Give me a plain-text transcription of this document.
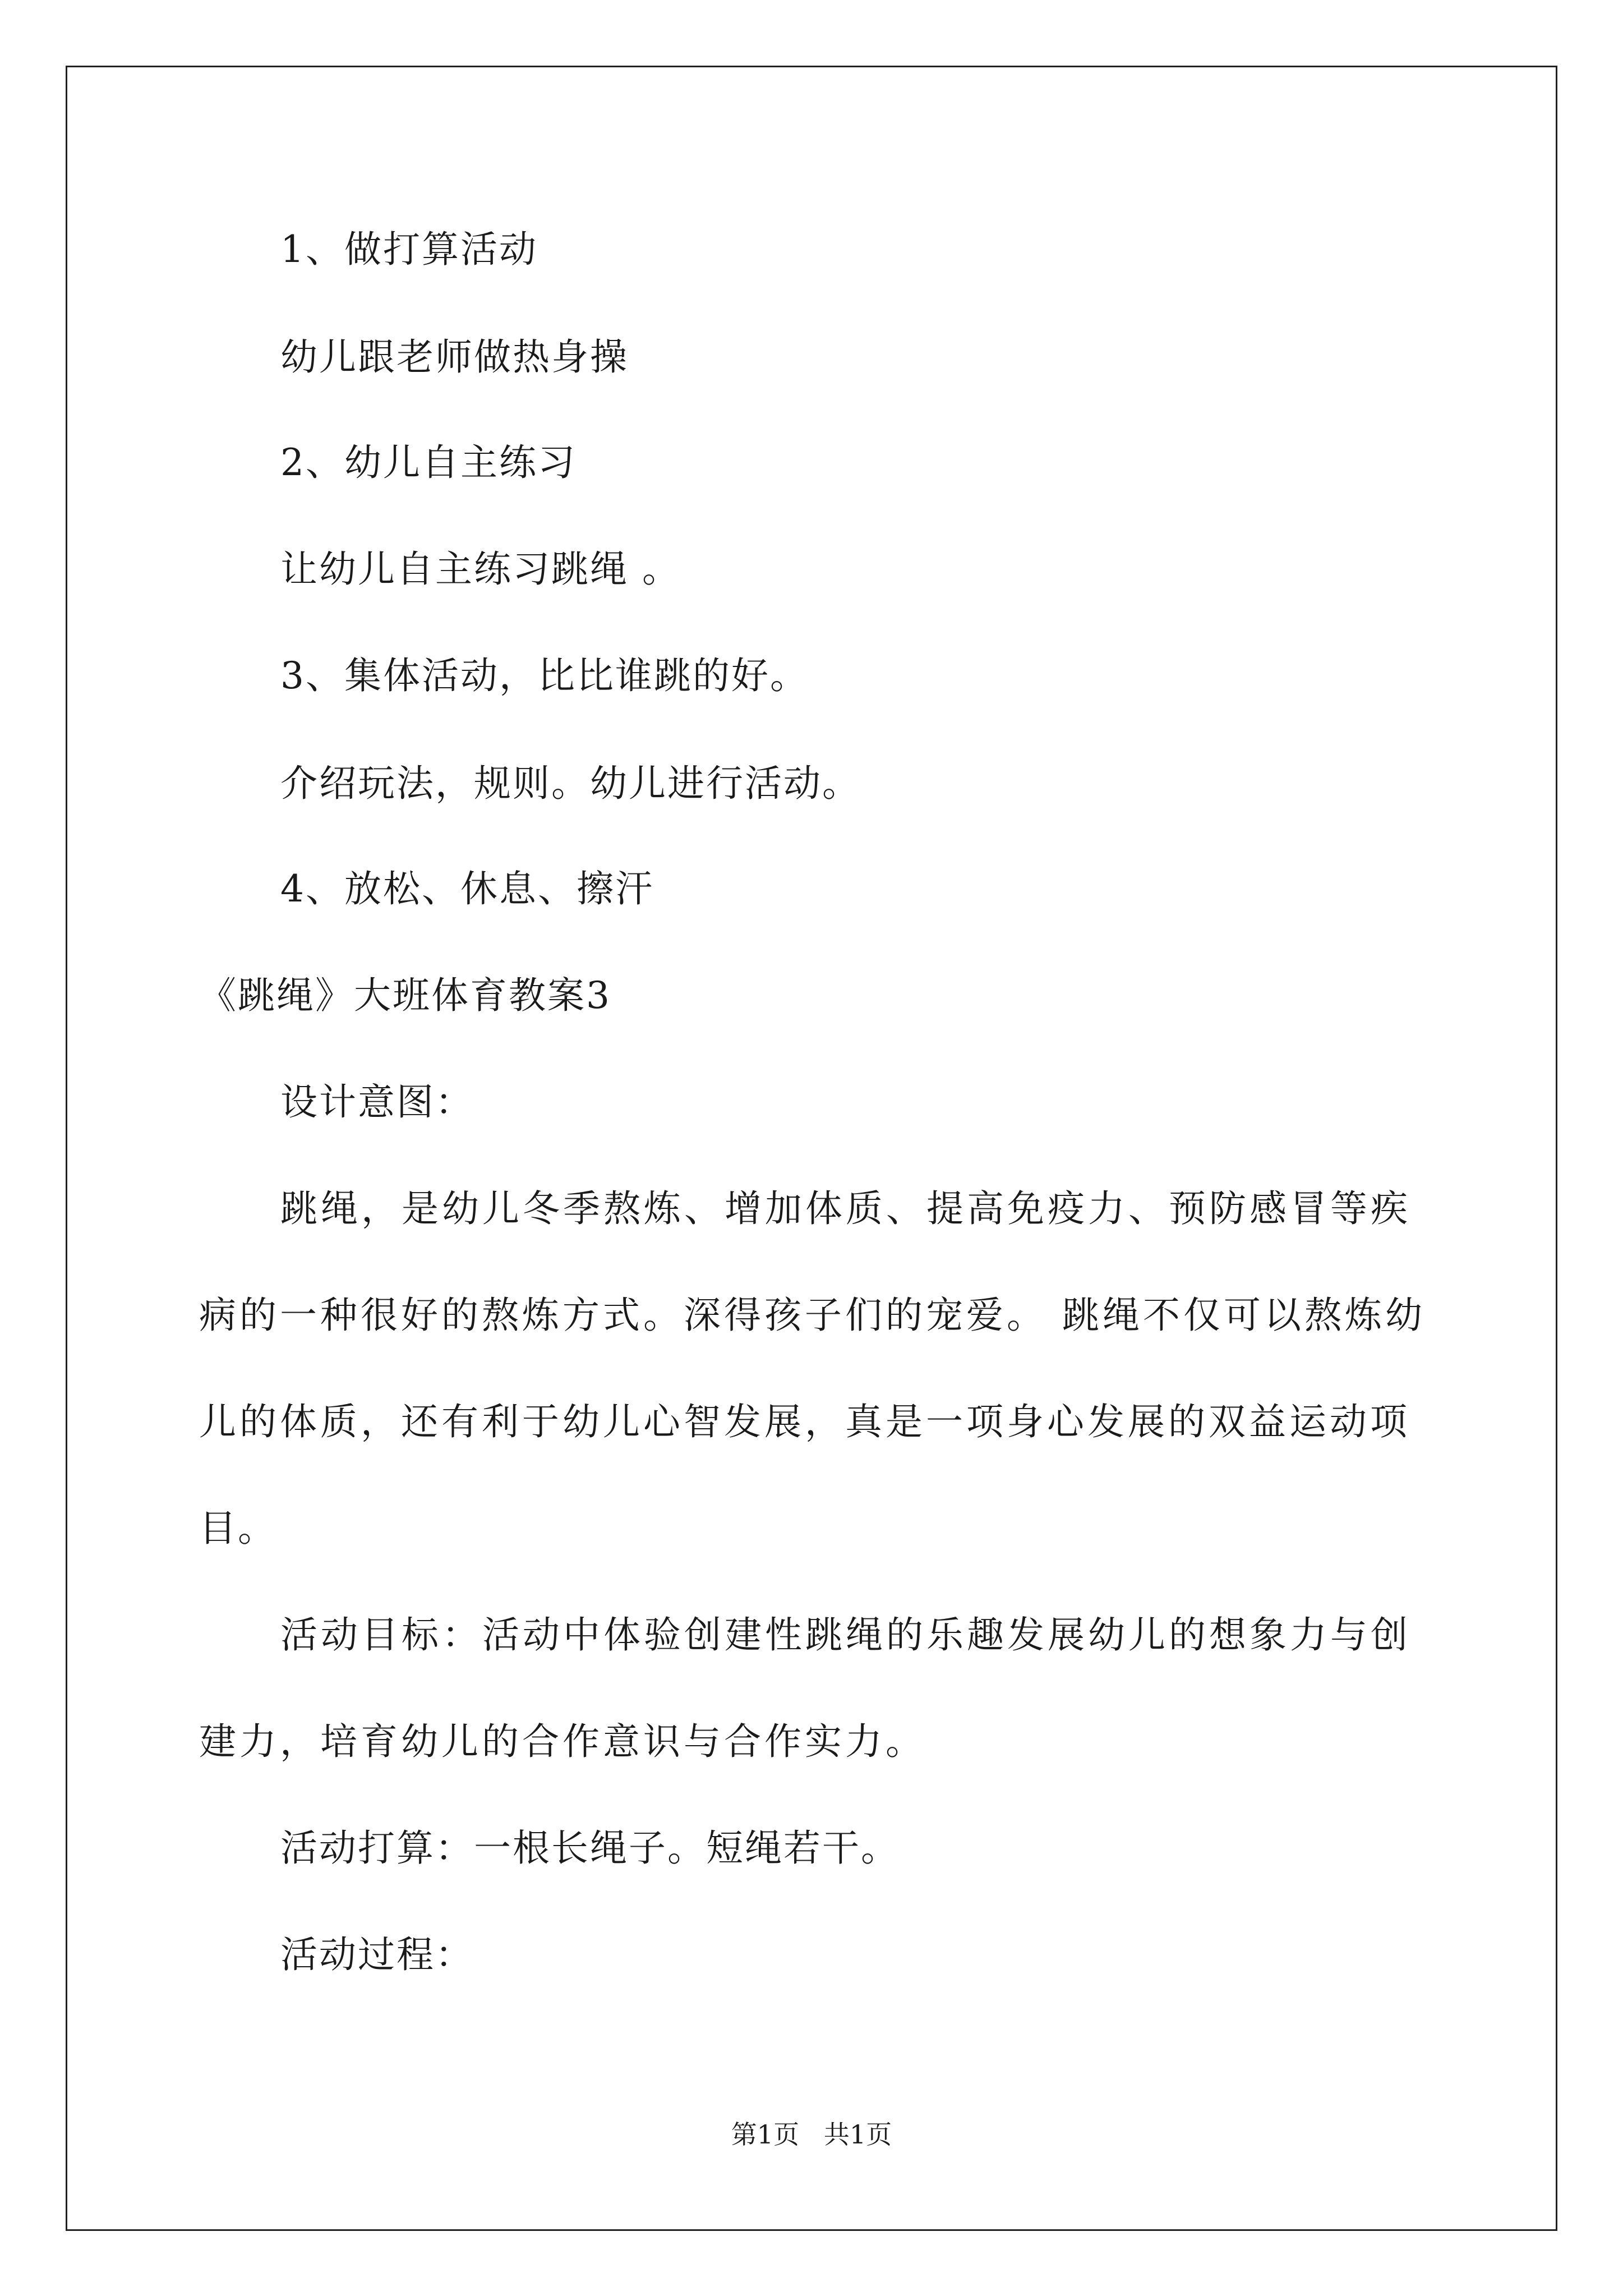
1、做打算活动
幼儿跟老师做热身操
2、幼儿自主练习
让幼儿自主练习跳绳 。
3、集体活动，比比谁跳的好。
介绍玩法，规则。幼儿进行活动。
4、放松、休息、擦汗
《跳绳》大班体育教案3
设计意图：
跳绳，是幼儿冬季熬炼、增加体质、提高免疫力、预防感冒等疾
病的一种很好的熬炼方式。深得孩子们的宠爱。 跳绳不仅可以熬炼幼
儿的体质，还有利于幼儿心智发展，真是一项身心发展的双益运动项
目。
活动目标：活动中体验创建性跳绳的乐趣发展幼儿的想象力与创
建力，培育幼儿的合作意识与合作实力。
活动打算：一根长绳子。短绳若干。
活动过程：
第1页   共1页
